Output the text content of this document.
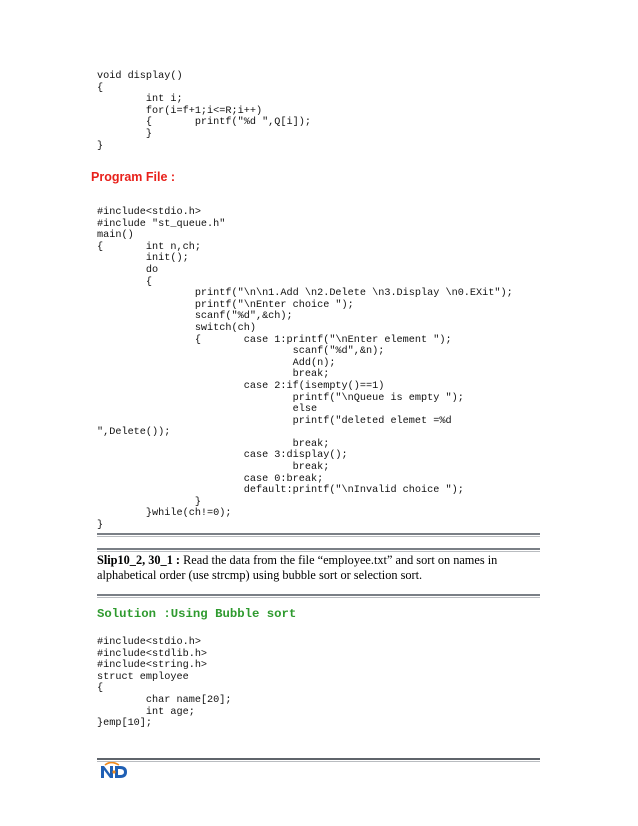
void display()
{
int i;
for(i=f+1;i<=R;i++)
{       printf("%d ",Q[i]);
}
}
Program File :
#include<stdio.h>
#include "st_queue.h"
main()
{       int n,ch;
init();
do
{
printf("\n\n1.Add \n2.Delete \n3.Display \n0.EXit");
printf("\nEnter choice ");
scanf("%d",&ch);
switch(ch)
{       case 1:printf("\nEnter element ");
scanf("%d",&n);
Add(n);
break;
case 2:if(isempty()==1)
printf("\nQueue is empty ");
else
printf("deleted elemet =%d
",Delete());
break;
case 3:display();
break;
case 0:break;
default:printf("\nInvalid choice ");
}
}while(ch!=0);
}
Slip10_2, 30_1 : Read the data from the file “employee.txt” and sort on names in alphabetical order (use strcmp) using bubble sort or selection sort.
Solution :Using Bubble sort
#include<stdio.h>
#include<stdlib.h>
#include<string.h>
struct employee
{
char name[20];
int age;
}emp[10];
